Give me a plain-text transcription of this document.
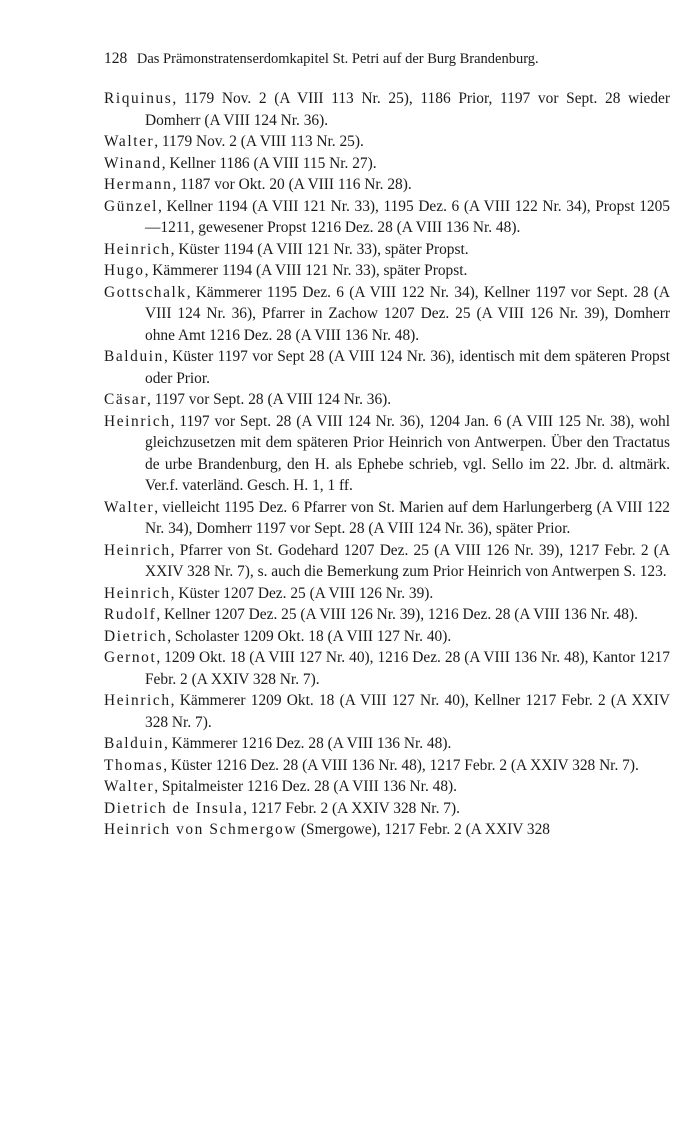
128 Das Prämonstratenserdomkapitel St. Petri auf der Burg Brandenburg.

Riquinus, 1179 Nov. 2 (A VIII 113 Nr. 25), 1186 Prior, 1197 vor Sept. 28 wieder Domherr (A VIII 124 Nr. 36).

Walter, 1179 Nov. 2 (A VIII 113 Nr. 25).

Winand, Kellner 1186 (A VIII 115 Nr. 27).

Hermann, 1187 vor Okt. 20 (A VIII 116 Nr. 28).

Günzel, Kellner 1194 (A VIII 121 Nr. 33), 1195 Dez. 6 (A VIII 122 Nr. 34), Propst 1205—1211, gewesener Propst 1216 Dez. 28 (A VIII 136 Nr. 48).

Heinrich, Küster 1194 (A VIII 121 Nr. 33), später Propst.

Hugo, Kämmerer 1194 (A VIII 121 Nr. 33), später Propst.

Gottschalk, Kämmerer 1195 Dez. 6 (A VIII 122 Nr. 34), Kellner 1197 vor Sept. 28 (A VIII 124 Nr. 36), Pfarrer in Zachow 1207 Dez. 25 (A VIII 126 Nr. 39), Domherr ohne Amt 1216 Dez. 28 (A VIII 136 Nr. 48).

Balduin, Küster 1197 vor Sept 28 (A VIII 124 Nr. 36), identisch mit dem späteren Propst oder Prior.

Cäsar, 1197 vor Sept. 28 (A VIII 124 Nr. 36).

Heinrich, 1197 vor Sept. 28 (A VIII 124 Nr. 36), 1204 Jan. 6 (A VIII 125 Nr. 38), wohl gleichzusetzen mit dem späteren Prior Heinrich von Antwerpen. Über den Tractatus de urbe Brandenburg, den H. als Ephebe schrieb, vgl. Sello im 22. Jbr. d. altmärk. Ver.f. vaterländ. Gesch. H. 1, 1 ff.

Walter, vielleicht 1195 Dez. 6 Pfarrer von St. Marien auf dem Harlungerberg (A VIII 122 Nr. 34), Domherr 1197 vor Sept. 28 (A VIII 124 Nr. 36), später Prior.

Heinrich, Pfarrer von St. Godehard 1207 Dez. 25 (A VIII 126 Nr. 39), 1217 Febr. 2 (A XXIV 328 Nr. 7), s. auch die Bemerkung zum Prior Heinrich von Antwerpen S. 123.

Heinrich, Küster 1207 Dez. 25 (A VIII 126 Nr. 39).

Rudolf, Kellner 1207 Dez. 25 (A VIII 126 Nr. 39), 1216 Dez. 28 (A VIII 136 Nr. 48).

Dietrich, Scholaster 1209 Okt. 18 (A VIII 127 Nr. 40).

Gernot, 1209 Okt. 18 (A VIII 127 Nr. 40), 1216 Dez. 28 (A VIII 136 Nr. 48), Kantor 1217 Febr. 2 (A XXIV 328 Nr. 7).

Heinrich, Kämmerer 1209 Okt. 18 (A VIII 127 Nr. 40), Kellner 1217 Febr. 2 (A XXIV 328 Nr. 7).

Balduin, Kämmerer 1216 Dez. 28 (A VIII 136 Nr. 48).

Thomas, Küster 1216 Dez. 28 (A VIII 136 Nr. 48), 1217 Febr. 2 (A XXIV 328 Nr. 7).

Walter, Spitalmeister 1216 Dez. 28 (A VIII 136 Nr. 48).

Dietrich de Insula, 1217 Febr. 2 (A XXIV 328 Nr. 7).

Heinrich von Schmergow (Smergowe), 1217 Febr. 2 (A XXIV 328
